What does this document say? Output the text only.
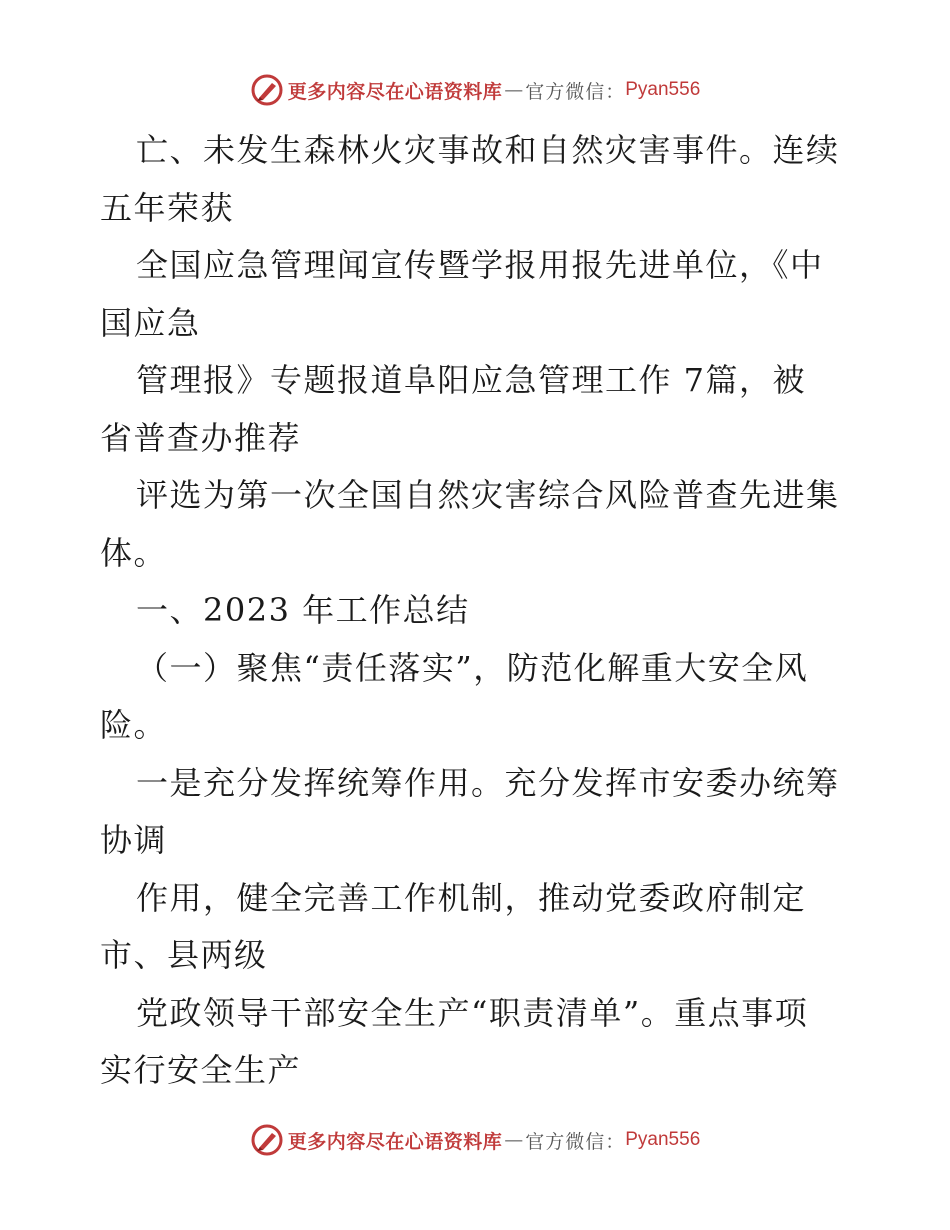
更多内容尽在心语资料库 — 官方微信： Pyan556

亡、未发生森林火灾事故和自然灾害事件。连续
五年荣获

全国应急管理闻宣传暨学报用报先进单位，《中
国应急

管理报》专题报道阜阳应急管理工作 7篇，被
省普查办推荐

评选为第一次全国自然灾害综合风险普查先进集
体。

一、2023 年工作总结

（一）聚焦“责任落实”，防范化解重大安全风
险。

一是充分发挥统筹作用。充分发挥市安委办统筹
协调

作用，健全完善工作机制，推动党委政府制定
市、县两级

党政领导干部安全生产“职责清单”。重点事项
实行安全生产

更多内容尽在心语资料库 — 官方微信： Pyan556
